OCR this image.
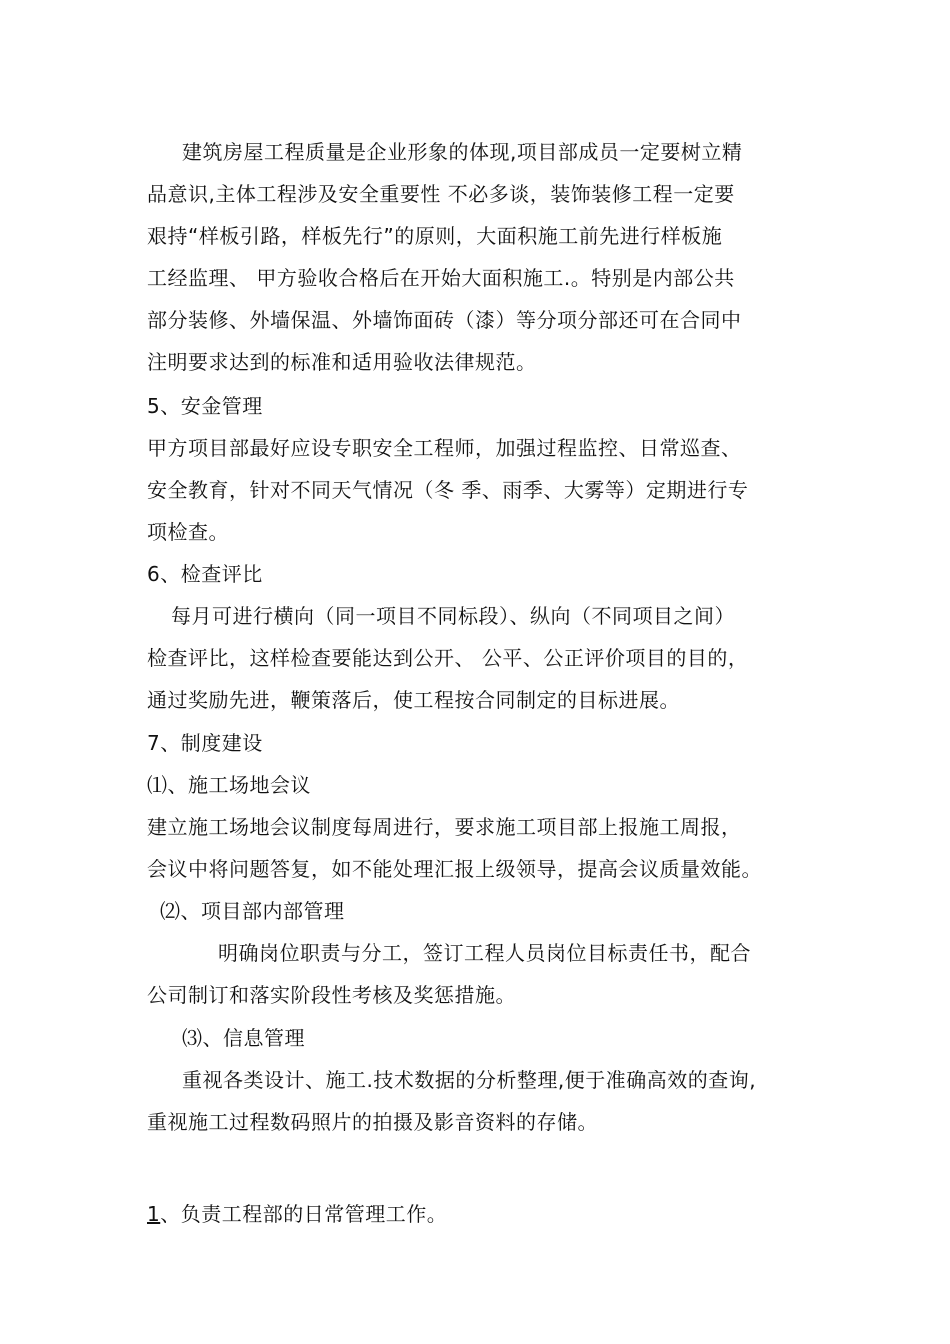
建筑房屋工程质量是企业形象的体现,项目部成员一定要树立精
品意识,主体工程涉及安全重要性 不必多谈，装饰装修工程一定要
艰持“样板引路，样板先行”的原则，大面积施工前先进行样板施
工经监理、 甲方验收合格后在开始大面积施工.。特别是内部公共
部分装修、外墙保温、外墙饰面砖（漆）等分项分部还可在合同中
注明要求达到的标准和适用验收法律规范。
5、安金管理
甲方项目部最好应设专职安全工程师，加强过程监控、日常巡查、
安全教育，针对不同天气情况（冬 季、雨季、大雾等）定期进行专
项检查。
6、检查评比
每月可进行横向（同一项目不同标段）、纵向（不同项目之间）
检查评比，这样检查要能达到公开、 公平、公正评价项目的目的，
通过奖励先进，鞭策落后，使工程按合同制定的目标进展。
7、制度建设
⑴、施工场地会议
建立施工场地会议制度每周进行，要求施工项目部上报施工周报，
会议中将问题答复，如不能处理汇报上级领导，提高会议质量效能。
⑵、项目部内部管理
明确岗位职责与分工，签订工程人员岗位目标责任书，配合
公司制订和落实阶段性考核及奖惩措施。
⑶、信息管理
重视各类设计、施工.技术数据的分析整理,便于准确高效的查询,
重视施工过程数码照片的拍摄及影音资料的存储。
1、负责工程部的日常管理工作。
